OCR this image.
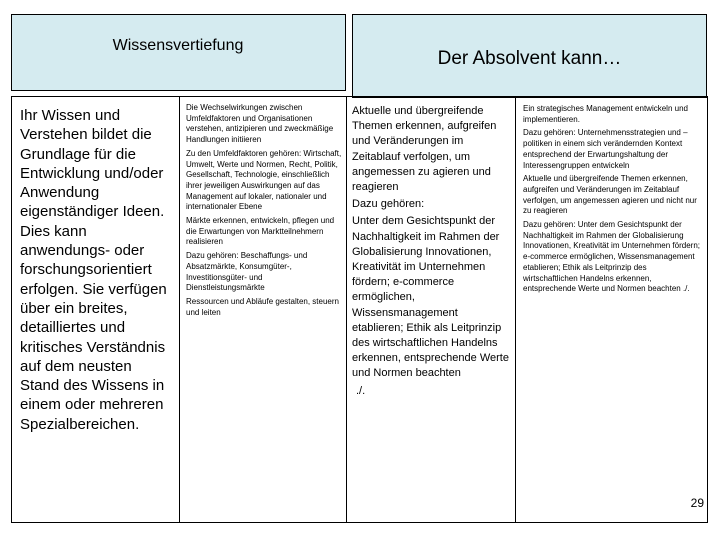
Wissensvertiefung
Der Absolvent kann…
Ihr Wissen und Verstehen bildet die Grundlage für die Entwicklung und/oder Anwendung eigenständiger Ideen. Dies kann anwendungs- oder forschungsorientiert erfolgen. Sie verfügen über ein breites, detailliertes und kritisches Verständnis auf dem neusten Stand des Wissens in einem oder mehreren Spezialbereichen.

Die Wechselwirkungen zwischen Umfeldfaktoren und Organisationen verstehen, antizipieren und zweckmäßige Handlungen initiieren

Zu den Umfeldfaktoren gehören: Wirtschaft, Umwelt, Werte und Normen, Recht, Politik, Gesellschaft, Technologie, einschließlich ihrer jeweiligen Auswirkungen auf das Management auf lokaler, nationaler und internationaler Ebene

Märkte erkennen, entwickeln, pflegen und die Erwartungen von Marktteilnehmern realisieren

Dazu gehören: Beschaffungs- und Absatzmärkte, Konsumgüter-, Investitionsgüter- und Dienstleistungsmärkte

Ressourcen und Abläufe gestalten, steuern und leiten

Aktuelle und übergreifende Themen erkennen, aufgreifen und Veränderungen im Zeitablauf verfolgen, um angemessen zu agieren und reagieren

Dazu gehören:

Unter dem Gesichtspunkt der Nachhaltigkeit im Rahmen der Globalisierung Innovationen, Kreativität im Unternehmen fördern; e-commerce ermöglichen, Wissensmanagement etablieren; Ethik als Leitprinzip des wirtschaftlichen Handelns erkennen, entsprechende Werte und Normen beachten

./.

Ein strategisches Management entwickeln und implementieren.

Dazu gehören: Unternehmensstrategien und –politiken in einem sich verändernden Kontext entsprechend der Erwartungshaltung der Interessengruppen entwickeln

Aktuelle und übergreifende Themen erkennen, aufgreifen und Veränderungen im Zeitablauf verfolgen, um angemessen agieren und nicht nur zu reagieren

Dazu gehören: Unter dem Gesichtspunkt der Nachhaltigkeit im Rahmen der Globalisierung Innovationen, Kreativität im Unternehmen fördern; e-commerce ermöglichen, Wissensmanagement etablieren; Ethik als Leitprinzip des wirtschaftlichen Handelns erkennen, entsprechende Werte und Normen beachten ./.

29
